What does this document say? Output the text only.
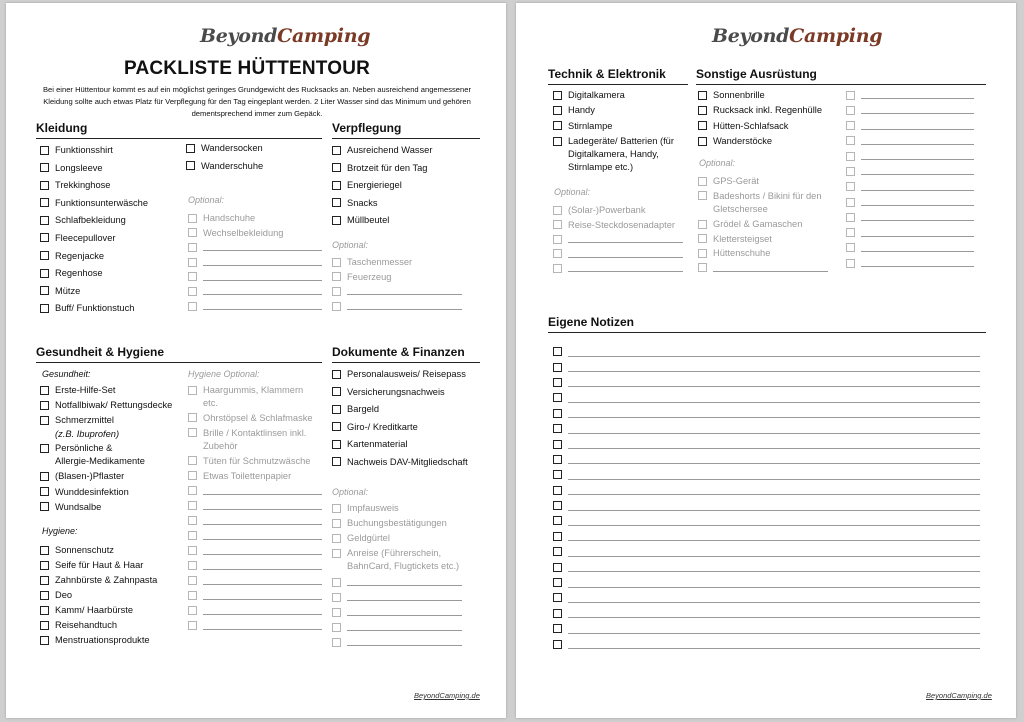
BeyondCamping
PACKLISTE HÜTTENTOUR
Bei einer Hüttentour kommt es auf ein möglichst geringes Grundgewicht des Rucksacks an. Neben ausreichend angemessener Kleidung sollte auch etwas Platz für Verpflegung für den Tag eingeplant werden. 2 Liter Wasser sind das Minimum und gehören dementsprechend immer zum Gepäck.
Kleidung
Funktionsshirt
Longsleeve
Trekkinghose
Funktionsunterwäsche
Schlafbekleidung
Fleecepullover
Regenjacke
Regenhose
Mütze
Buff/ Funktionstuch
Wandersocken
Wanderschuhe
Optional:
Handschuhe
Wechselbekleidung
Verpflegung
Ausreichend Wasser
Brotzeit für den Tag
Energieriegel
Snacks
Müllbeutel
Optional:
Taschenmesser
Feuerzeug
Gesundheit & Hygiene
Gesundheit:
Erste-Hilfe-Set
Notfallbiwak/ Rettungsdecke
Schmerzmittel
(z.B. Ibuprofen)
Persönliche &
Allergie-Medikamente
(Blasen-)Pflaster
Wunddesinfektion
Wundsalbe
Hygiene:
Sonnenschutz
Seife für Haut & Haar
Zahnbürste & Zahnpasta
Deo
Kamm/ Haarbürste
Reisehandtuch
Menstruationsprodukte
Hygiene Optional:
Haargummis, Klammern
etc.
Ohrstöpsel & Schlafmaske
Brille / Kontaktlinsen inkl.
Zubehör
Tüten für Schmutzwäsche
Etwas Toilettenpapier
Dokumente & Finanzen
Personalausweis/ Reisepass
Versicherungsnachweis
Bargeld
Giro-/ Kreditkarte
Kartenmaterial
Nachweis DAV-Mitgliedschaft
Optional:
Impfausweis
Buchungsbestätigungen
Geldgürtel
Anreise (Führerschein,
BahnCard, Flugtickets etc.)
BeyondCamping.de
BeyondCamping
Technik & Elektronik
Digitalkamera
Handy
Stirnlampe
Ladegeräte/ Batterien (für
Digitalkamera, Handy,
Stirnlampe etc.)
Optional:
(Solar-)Powerbank
Reise-Steckdosenadapter
Sonstige Ausrüstung
Sonnenbrille
Rucksack inkl. Regenhülle
Hütten-Schlafsack
Wanderstöcke
Optional:
GPS-Gerät
Badeshorts / Bikini für den
Gletschersee
Grödel & Gamaschen
Klettersteigset
Hüttenschuhe
Eigene Notizen
BeyondCamping.de
